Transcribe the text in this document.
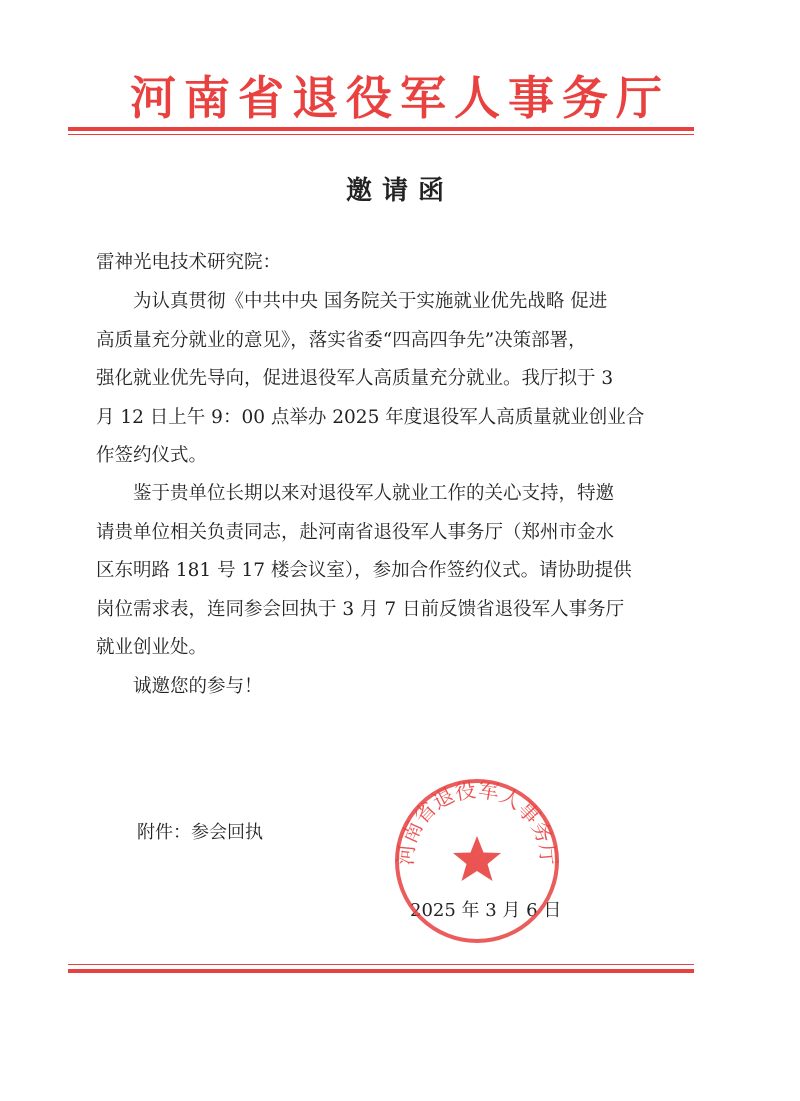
河南省退役军人事务厅
邀请函
雷神光电技术研究院：
为认真贯彻《中共中央 国务院关于实施就业优先战略 促进
高质量充分就业的意见》，落实省委“四高四争先”决策部署，
强化就业优先导向，促进退役军人高质量充分就业。我厅拟于 3
月 12 日上午 9：00 点举办 2025 年度退役军人高质量就业创业合
作签约仪式。
鉴于贵单位长期以来对退役军人就业工作的关心支持，特邀
请贵单位相关负责同志，赴河南省退役军人事务厅（郑州市金水
区东明路 181 号 17 楼会议室），参加合作签约仪式。请协助提供
岗位需求表，连同参会回执于 3 月 7 日前反馈省退役军人事务厅
就业创业处。
诚邀您的参与！
附件：参会回执
2025 年 3 月 6 日
河南省退役军人事务厅
